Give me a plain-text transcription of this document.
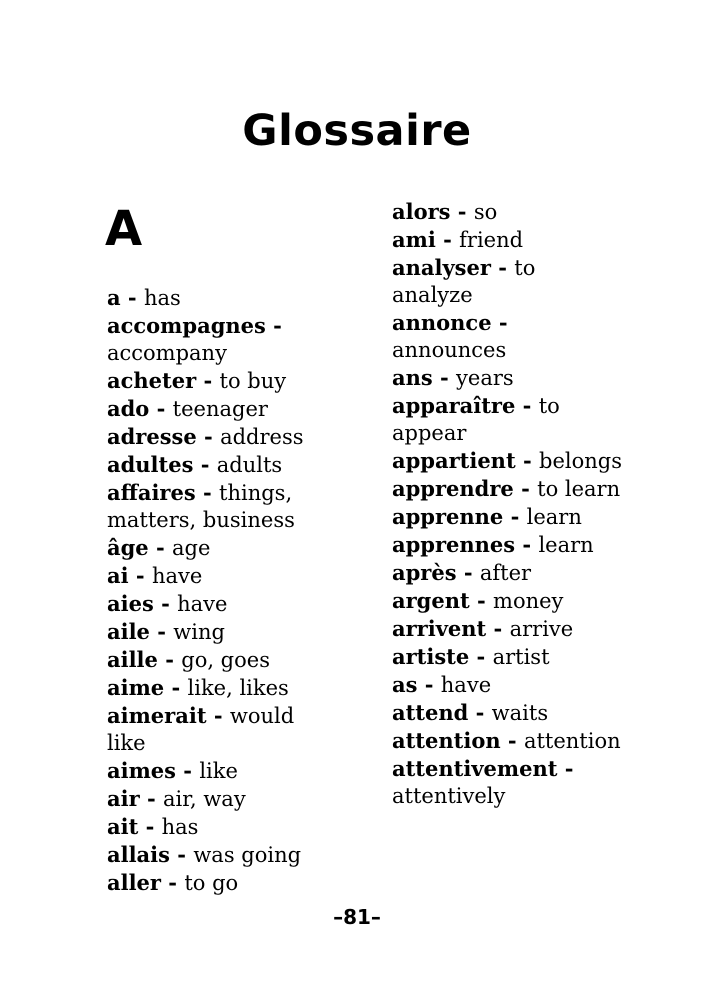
Glossaire
A

a - has

accompagnes - accompany

acheter - to buy

ado - teenager

adresse - address

adultes - adults

affaires - things, matters, business

âge - age

ai - have

aies - have

aile - wing

aille - go, goes

aime - like, likes

aimerait - would like

aimes - like

air - air, way

ait - has

allais - was going

aller - to go

alors - so

ami - friend

analyser - to analyze

annonce - announces

ans - years

apparaître - to appear

appartient - belongs

apprendre - to learn

apprenne - learn

apprennes - learn

après - after

argent - money

arrivent - arrive

artiste - artist

as - have

attend - waits

attention - attention

attentivement - attentively

–81–
